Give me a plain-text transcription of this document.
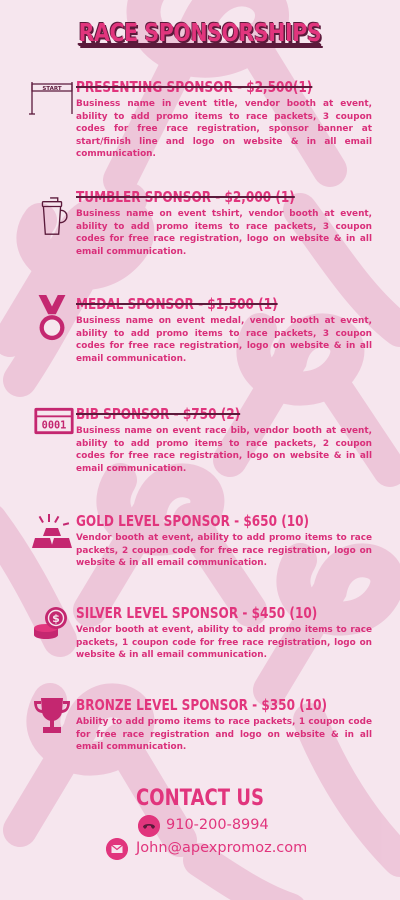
RACE SPONSORSHIPS
START PRESENTING SPONSOR - $2,500(1)
Business name in event title, vendor booth at event, ability to add promo items to race packets, 3 coupon codes for free race registration, sponsor banner at start/finish line and logo on website & in all email communication.
TUMBLER SPONSOR - $2,000 (1)
Business name on event tshirt, vendor booth at event, ability to add promo items to race packets, 3 coupon codes for free race registration, logo on website & in all email communication.
MEDAL SPONSOR - $1,500 (1)
Business name on event medal, vendor booth at event, ability to add promo items to race packets, 3 coupon codes for free race registration, logo on website & in all email communication.
0001
BIB SPONSOR - $750 (2)
Business name on event race bib, vendor booth at event, ability to add promo items to race packets, 2 coupon codes for free race registration, logo on website & in all email communication.
GOLD LEVEL SPONSOR - $650 (10)
Vendor booth at event, ability to add promo items to race packets, 2 coupon code for free race registration, logo on website & in all email communication.
$ SILVER LEVEL SPONSOR - $450 (10)
Vendor booth at event, ability to add promo items to race packets, 1 coupon code for free race registration, logo on website & in all email communication.
BRONZE LEVEL SPONSOR - $350 (10)
Ability to add promo items to race packets, 1 coupon code for free race registration and logo on website & in all email communication.
CONTACT US
910-200-8994
John@apexpromoz.com
